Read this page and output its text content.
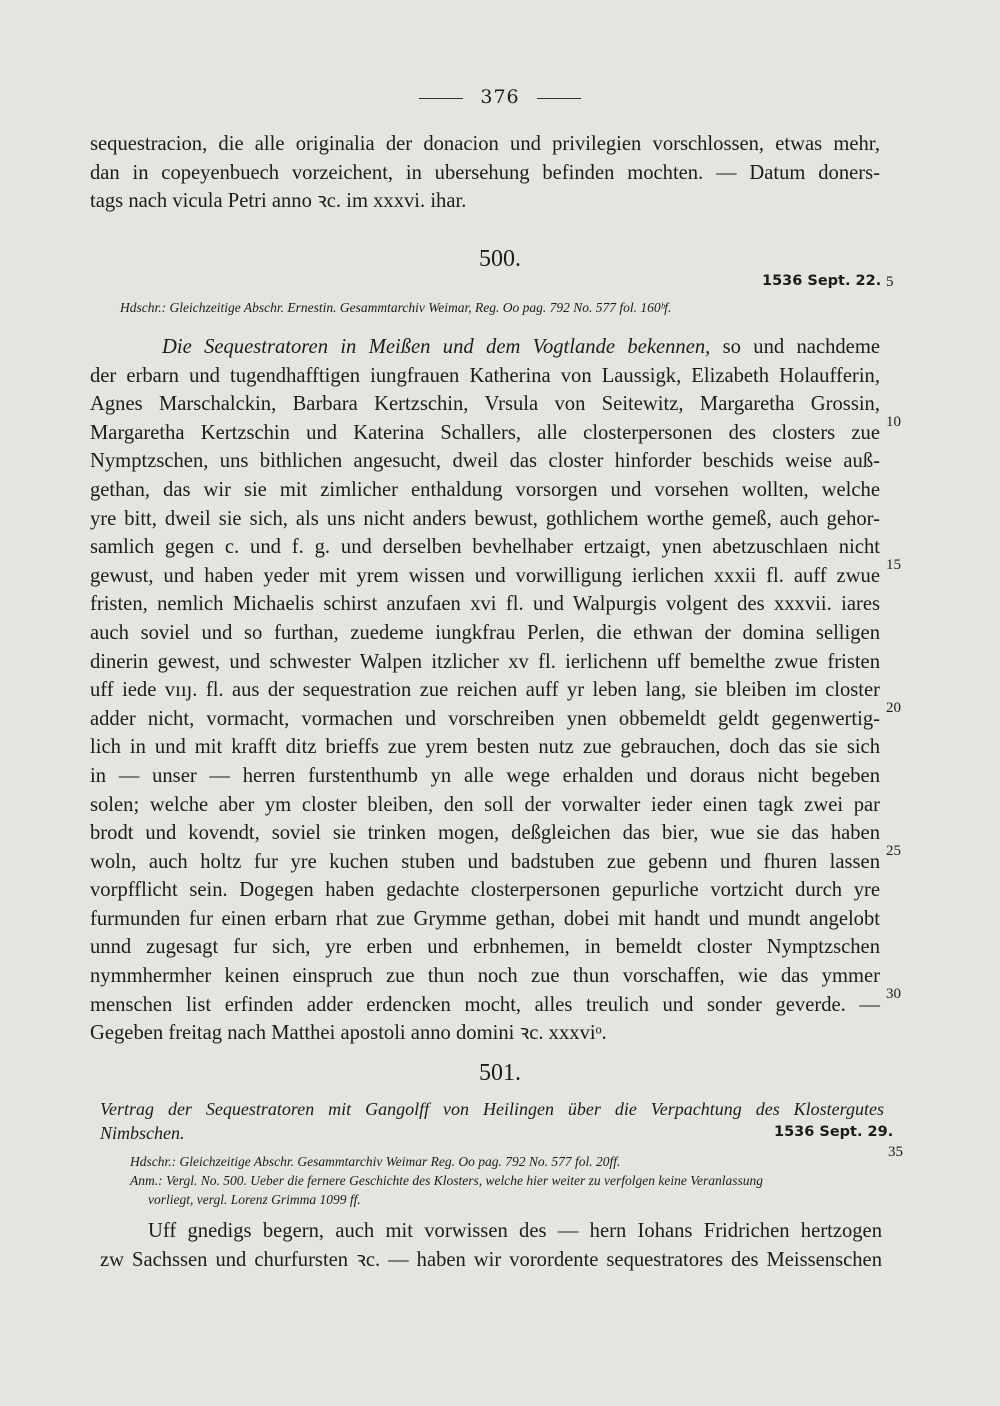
376
sequestracion, die alle originalia der donacion und privilegien vorschlossen, etwas mehr,
dan in copeyenbuech vorzeichent, in ubersehung befinden mochten. — Datum doners-
tags nach vicula Petri anno ꝛc. im xxxvi. ihar.
500.
1536 Sept. 22. 5
Hdschr.: Gleichzeitige Abschr. Ernestin. Gesammtarchiv Weimar, Reg. Oo pag. 792 No. 577 fol. 160ᵇf.
Die Sequestratoren in Meißen und dem Vogtlande bekennen, so und nachdeme
der erbarn und tugendhafftigen iungfrauen Katherina von Laussigk, Elizabeth Holaufferin,
Agnes Marschalckin, Barbara Kertzschin, Vrsula von Seitewitz, Margaretha Grossin,
Margaretha Kertzschin und Katerina Schallers, alle closterpersonen des closters zue
Nymptzschen, uns bithlichen angesucht, dweil das closter hinforder beschids weise auß-
gethan, das wir sie mit zimlicher enthaldung vorsorgen und vorsehen wollten, welche
yre bitt, dweil sie sich, als uns nicht anders bewust, gothlichem worthe gemeß, auch gehor-
samlich gegen c. und f. g. und derselben bevhelhaber ertzaigt, ynen abetzuschlaen nicht
gewust, und haben yeder mit yrem wissen und vorwilligung ierlichen xxxii fl. auff zwue
fristen, nemlich Michaelis schirst anzufaen xvi fl. und Walpurgis volgent des xxxvii. iares
auch soviel und so furthan, zuedeme iungkfrau Perlen, die ethwan der domina selligen
dinerin gewest, und schwester Walpen itzlicher xv fl. ierlichenn uff bemelthe zwue fristen
uff iede vııȷ. fl. aus der sequestration zue reichen auff yr leben lang, sie bleiben im closter
adder nicht, vormacht, vormachen und vorschreiben ynen obbemeldt geldt gegenwertig-
lich in und mit krafft ditz brieffs zue yrem besten nutz zue gebrauchen, doch das sie sich
in — unser — herren furstenthumb yn alle wege erhalden und doraus nicht begeben
solen; welche aber ym closter bleiben, den soll der vorwalter ieder einen tagk zwei par
brodt und kovendt, soviel sie trinken mogen, deßgleichen das bier, wue sie das haben
woln, auch holtz fur yre kuchen stuben und badstuben zue gebenn und fhuren lassen
vorpfflicht sein. Dogegen haben gedachte closterpersonen gepurliche vortzicht durch yre
furmunden fur einen erbarn rhat zue Grymme gethan, dobei mit handt und mundt angelobt
unnd zugesagt fur sich, yre erben und erbnhemen, in bemeldt closter Nymptzschen
nymmhermher keinen einspruch zue thun noch zue thun vorschaffen, wie das ymmer
menschen list erfinden adder erdencken mocht, alles treulich und sonder geverde. —
Gegeben freitag nach Matthei apostoli anno domini ꝛc. xxxviᵒ.
10
15
20
25
30
501.
Vertrag der Sequestratoren mit Gangolff von Heilingen über die Verpachtung des Klostergutes
Nimbschen.	1536 Sept. 29.
35
Hdschr.: Gleichzeitige Abschr. Gesammtarchiv Weimar Reg. Oo pag. 792 No. 577 fol. 20ff.
Anm.: Vergl. No. 500. Ueber die fernere Geschichte des Klosters, welche hier weiter zu verfolgen keine Veranlassung
vorliegt, vergl. Lorenz Grimma 1099 ff.
Uff gnedigs begern, auch mit vorwissen des — hern Iohans Fridrichen hertzogen
zw Sachssen und churfursten ꝛc. — haben wir vorordente sequestratores des Meissenschen
